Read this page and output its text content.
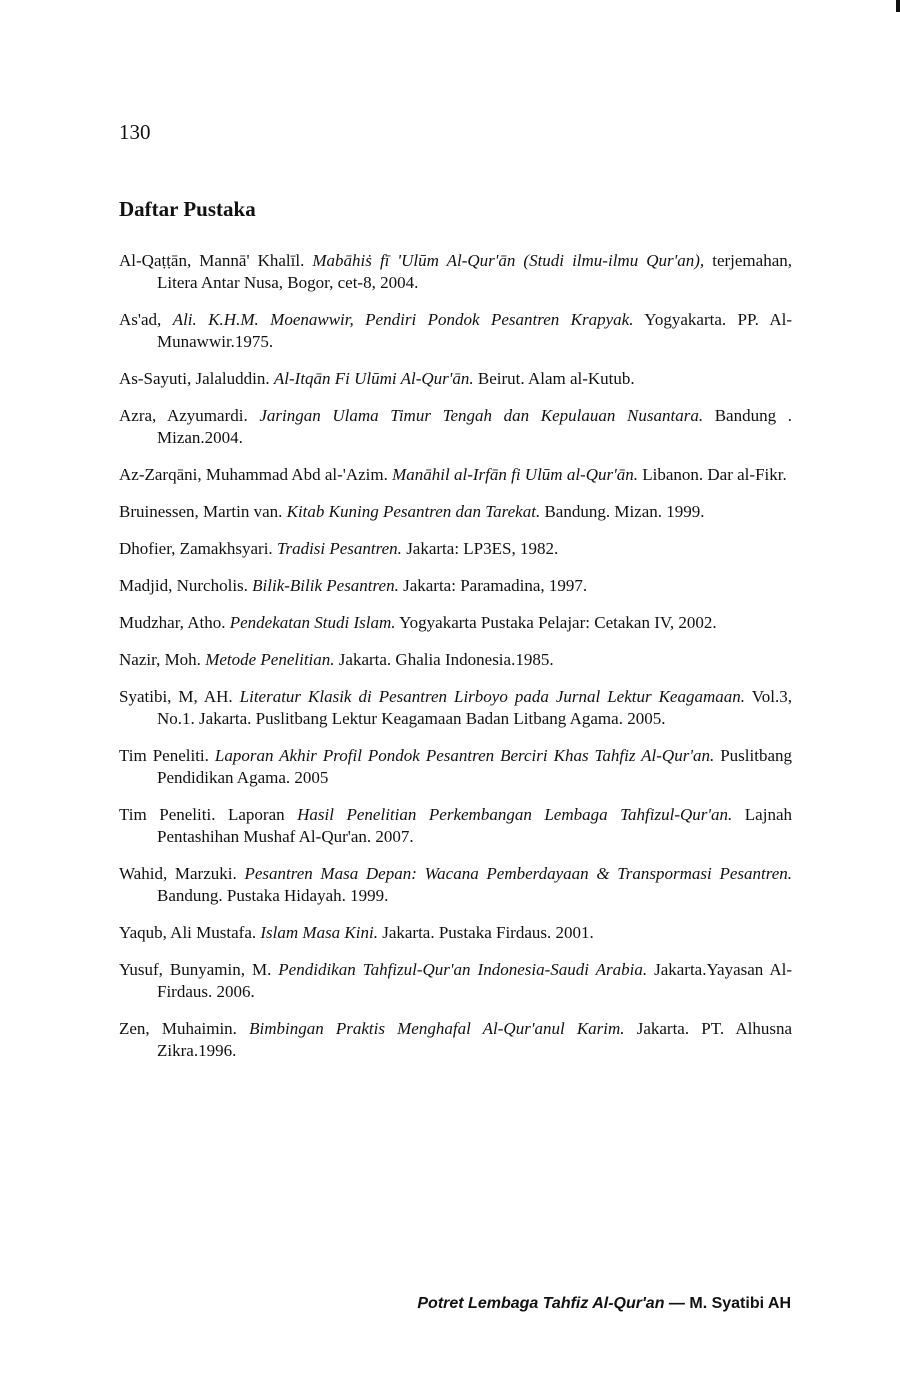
130
Daftar Pustaka
Al-Qaṭṭān, Mannā' Khalīl. Mabāhiṡ fī 'Ulūm Al-Qur'ān (Studi ilmu-ilmu Qur'an), terjemahan, Litera Antar Nusa, Bogor, cet-8, 2004.
As'ad, Ali. K.H.M. Moenawwir, Pendiri Pondok Pesantren Krapyak. Yogyakarta. PP. Al-Munawwir.1975.
As-Sayuti, Jalaluddin. Al-Itqān Fi Ulūmi Al-Qur'ān. Beirut. Alam al-Kutub.
Azra, Azyumardi. Jaringan Ulama Timur Tengah dan Kepulauan Nusantara. Bandung . Mizan.2004.
Az-Zarqāni, Muhammad Abd al-'Azim. Manāhil al-Irfān fi Ulūm al-Qur'ān. Libanon. Dar al-Fikr.
Bruinessen, Martin van. Kitab Kuning Pesantren dan Tarekat. Bandung. Mizan. 1999.
Dhofier, Zamakhsyari. Tradisi Pesantren. Jakarta: LP3ES, 1982.
Madjid, Nurcholis. Bilik-Bilik Pesantren. Jakarta: Paramadina, 1997.
Mudzhar, Atho. Pendekatan Studi Islam. Yogyakarta Pustaka Pelajar: Cetakan IV, 2002.
Nazir, Moh. Metode Penelitian. Jakarta. Ghalia Indonesia.1985.
Syatibi, M, AH. Literatur Klasik di Pesantren Lirboyo pada Jurnal Lektur Keagamaan. Vol.3, No.1. Jakarta. Puslitbang Lektur Keagamaan Badan Litbang Agama. 2005.
Tim Peneliti. Laporan Akhir Profil Pondok Pesantren Berciri Khas Tahfiz Al-Qur'an. Puslitbang Pendidikan Agama. 2005
Tim Peneliti. Laporan Hasil Penelitian Perkembangan Lembaga Tahfizul-Qur'an. Lajnah Pentashihan Mushaf Al-Qur'an. 2007.
Wahid, Marzuki. Pesantren Masa Depan: Wacana Pemberdayaan & Transpormasi Pesantren. Bandung. Pustaka Hidayah. 1999.
Yaqub, Ali Mustafa. Islam Masa Kini. Jakarta. Pustaka Firdaus. 2001.
Yusuf, Bunyamin, M. Pendidikan Tahfizul-Qur'an Indonesia-Saudi Arabia. Jakarta.Yayasan Al-Firdaus. 2006.
Zen, Muhaimin. Bimbingan Praktis Menghafal Al-Qur'anul Karim. Jakarta. PT. Alhusna Zikra.1996.
Potret Lembaga Tahfiz Al-Qur'an — M. Syatibi AH
